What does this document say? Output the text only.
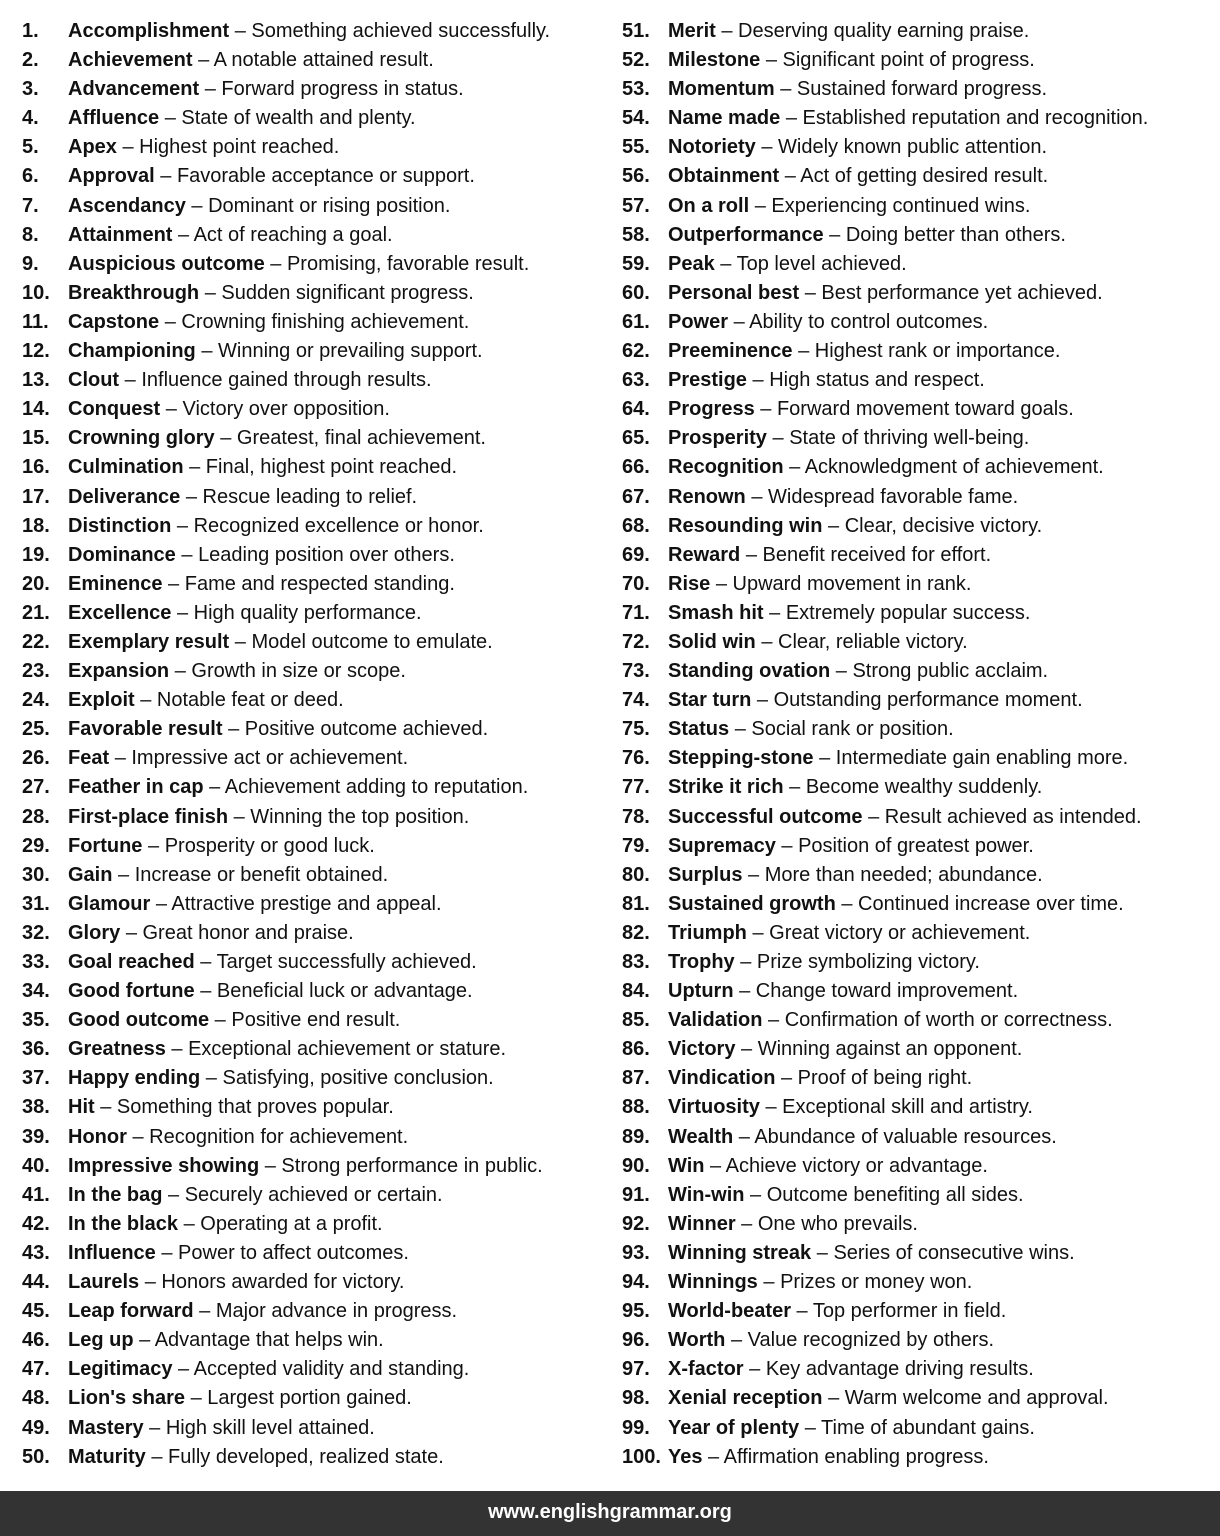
1. Accomplishment – Something achieved successfully.
2. Achievement – A notable attained result.
3. Advancement – Forward progress in status.
4. Affluence – State of wealth and plenty.
5. Apex – Highest point reached.
6. Approval – Favorable acceptance or support.
7. Ascendancy – Dominant or rising position.
8. Attainment – Act of reaching a goal.
9. Auspicious outcome – Promising, favorable result.
10. Breakthrough – Sudden significant progress.
11. Capstone – Crowning finishing achievement.
12. Championing – Winning or prevailing support.
13. Clout – Influence gained through results.
14. Conquest – Victory over opposition.
15. Crowning glory – Greatest, final achievement.
16. Culmination – Final, highest point reached.
17. Deliverance – Rescue leading to relief.
18. Distinction – Recognized excellence or honor.
19. Dominance – Leading position over others.
20. Eminence – Fame and respected standing.
21. Excellence – High quality performance.
22. Exemplary result – Model outcome to emulate.
23. Expansion – Growth in size or scope.
24. Exploit – Notable feat or deed.
25. Favorable result – Positive outcome achieved.
26. Feat – Impressive act or achievement.
27. Feather in cap – Achievement adding to reputation.
28. First-place finish – Winning the top position.
29. Fortune – Prosperity or good luck.
30. Gain – Increase or benefit obtained.
31. Glamour – Attractive prestige and appeal.
32. Glory – Great honor and praise.
33. Goal reached – Target successfully achieved.
34. Good fortune – Beneficial luck or advantage.
35. Good outcome – Positive end result.
36. Greatness – Exceptional achievement or stature.
37. Happy ending – Satisfying, positive conclusion.
38. Hit – Something that proves popular.
39. Honor – Recognition for achievement.
40. Impressive showing – Strong performance in public.
41. In the bag – Securely achieved or certain.
42. In the black – Operating at a profit.
43. Influence – Power to affect outcomes.
44. Laurels – Honors awarded for victory.
45. Leap forward – Major advance in progress.
46. Leg up – Advantage that helps win.
47. Legitimacy – Accepted validity and standing.
48. Lion's share – Largest portion gained.
49. Mastery – High skill level attained.
50. Maturity – Fully developed, realized state.
51. Merit – Deserving quality earning praise.
52. Milestone – Significant point of progress.
53. Momentum – Sustained forward progress.
54. Name made – Established reputation and recognition.
55. Notoriety – Widely known public attention.
56. Obtainment – Act of getting desired result.
57. On a roll – Experiencing continued wins.
58. Outperformance – Doing better than others.
59. Peak – Top level achieved.
60. Personal best – Best performance yet achieved.
61. Power – Ability to control outcomes.
62. Preeminence – Highest rank or importance.
63. Prestige – High status and respect.
64. Progress – Forward movement toward goals.
65. Prosperity – State of thriving well-being.
66. Recognition – Acknowledgment of achievement.
67. Renown – Widespread favorable fame.
68. Resounding win – Clear, decisive victory.
69. Reward – Benefit received for effort.
70. Rise – Upward movement in rank.
71. Smash hit – Extremely popular success.
72. Solid win – Clear, reliable victory.
73. Standing ovation – Strong public acclaim.
74. Star turn – Outstanding performance moment.
75. Status – Social rank or position.
76. Stepping-stone – Intermediate gain enabling more.
77. Strike it rich – Become wealthy suddenly.
78. Successful outcome – Result achieved as intended.
79. Supremacy – Position of greatest power.
80. Surplus – More than needed; abundance.
81. Sustained growth – Continued increase over time.
82. Triumph – Great victory or achievement.
83. Trophy – Prize symbolizing victory.
84. Upturn – Change toward improvement.
85. Validation – Confirmation of worth or correctness.
86. Victory – Winning against an opponent.
87. Vindication – Proof of being right.
88. Virtuosity – Exceptional skill and artistry.
89. Wealth – Abundance of valuable resources.
90. Win – Achieve victory or advantage.
91. Win-win – Outcome benefiting all sides.
92. Winner – One who prevails.
93. Winning streak – Series of consecutive wins.
94. Winnings – Prizes or money won.
95. World-beater – Top performer in field.
96. Worth – Value recognized by others.
97. X-factor – Key advantage driving results.
98. Xenial reception – Warm welcome and approval.
99. Year of plenty – Time of abundant gains.
100. Yes – Affirmation enabling progress.
www.englishgrammar.org
